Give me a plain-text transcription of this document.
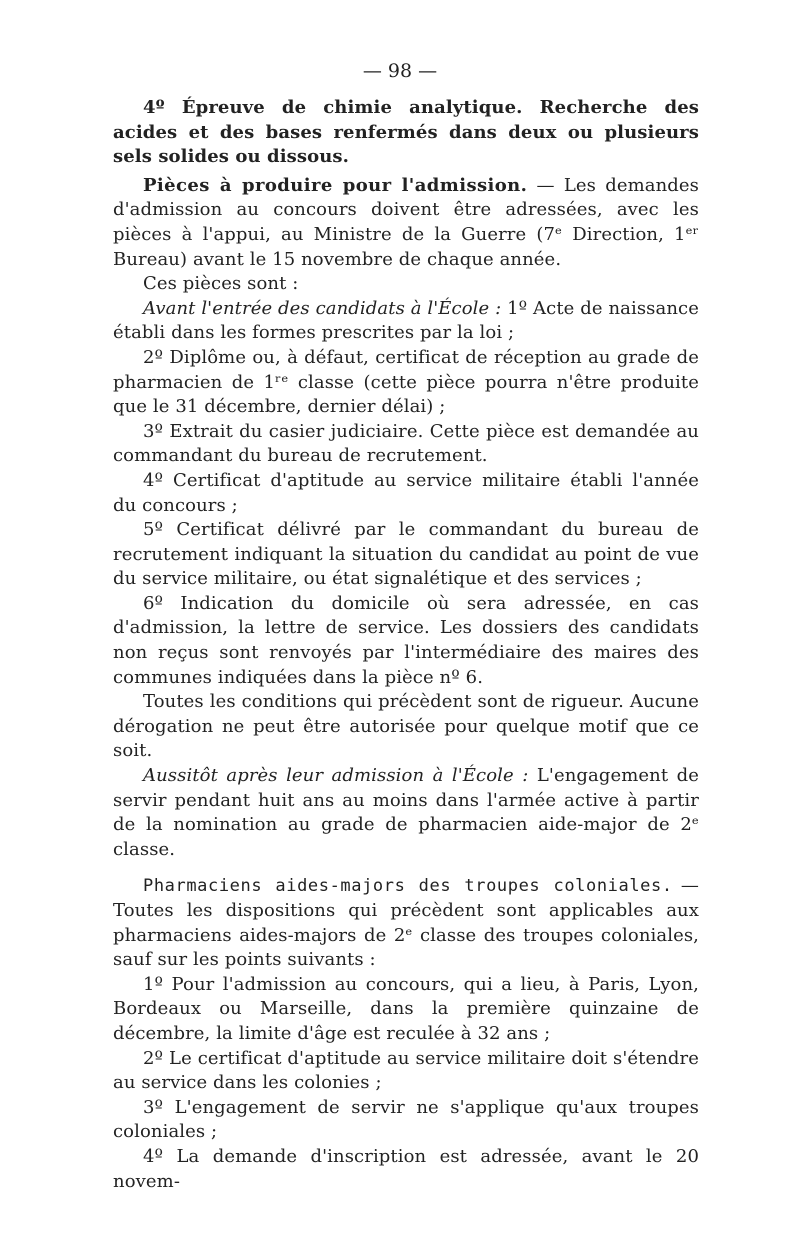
— 98 —

4º Épreuve de chimie analytique. Recherche des acides et des bases renfermés dans deux ou plusieurs sels solides ou dissous.

Pièces à produire pour l'admission. — Les demandes d'admission au concours doivent être adressées, avec les pièces à l'appui, au Ministre de la Guerre (7ᵉ Direction, 1ᵉʳ Bureau) avant le 15 novembre de chaque année.

Ces pièces sont :

Avant l'entrée des candidats à l'École : 1º Acte de naissance établi dans les formes prescrites par la loi ;

2º Diplôme ou, à défaut, certificat de réception au grade de pharmacien de 1ʳᵉ classe (cette pièce pourra n'être produite que le 31 décembre, dernier délai) ;

3º Extrait du casier judiciaire. Cette pièce est demandée au commandant du bureau de recrutement.

4º Certificat d'aptitude au service militaire établi l'année du concours ;

5º Certificat délivré par le commandant du bureau de recrutement indiquant la situation du candidat au point de vue du service militaire, ou état signalétique et des services ;

6º Indication du domicile où sera adressée, en cas d'admission, la lettre de service. Les dossiers des candidats non reçus sont renvoyés par l'intermédiaire des maires des communes indiquées dans la pièce nº 6.

Toutes les conditions qui précèdent sont de rigueur. Aucune dérogation ne peut être autorisée pour quelque motif que ce soit.

Aussitôt après leur admission à l'École : L'engagement de servir pendant huit ans au moins dans l'armée active à partir de la nomination au grade de pharmacien aide-major de 2ᵉ classe.

Pharmaciens aides-majors des troupes coloniales. — Toutes les dispositions qui précèdent sont applicables aux pharmaciens aides-majors de 2ᵉ classe des troupes coloniales, sauf sur les points suivants :

1º Pour l'admission au concours, qui a lieu, à Paris, Lyon, Bordeaux ou Marseille, dans la première quinzaine de décembre, la limite d'âge est reculée à 32 ans ;

2º Le certificat d'aptitude au service militaire doit s'étendre au service dans les colonies ;

3º L'engagement de servir ne s'applique qu'aux troupes coloniales ;

4º La demande d'inscription est adressée, avant le 20 novem-
